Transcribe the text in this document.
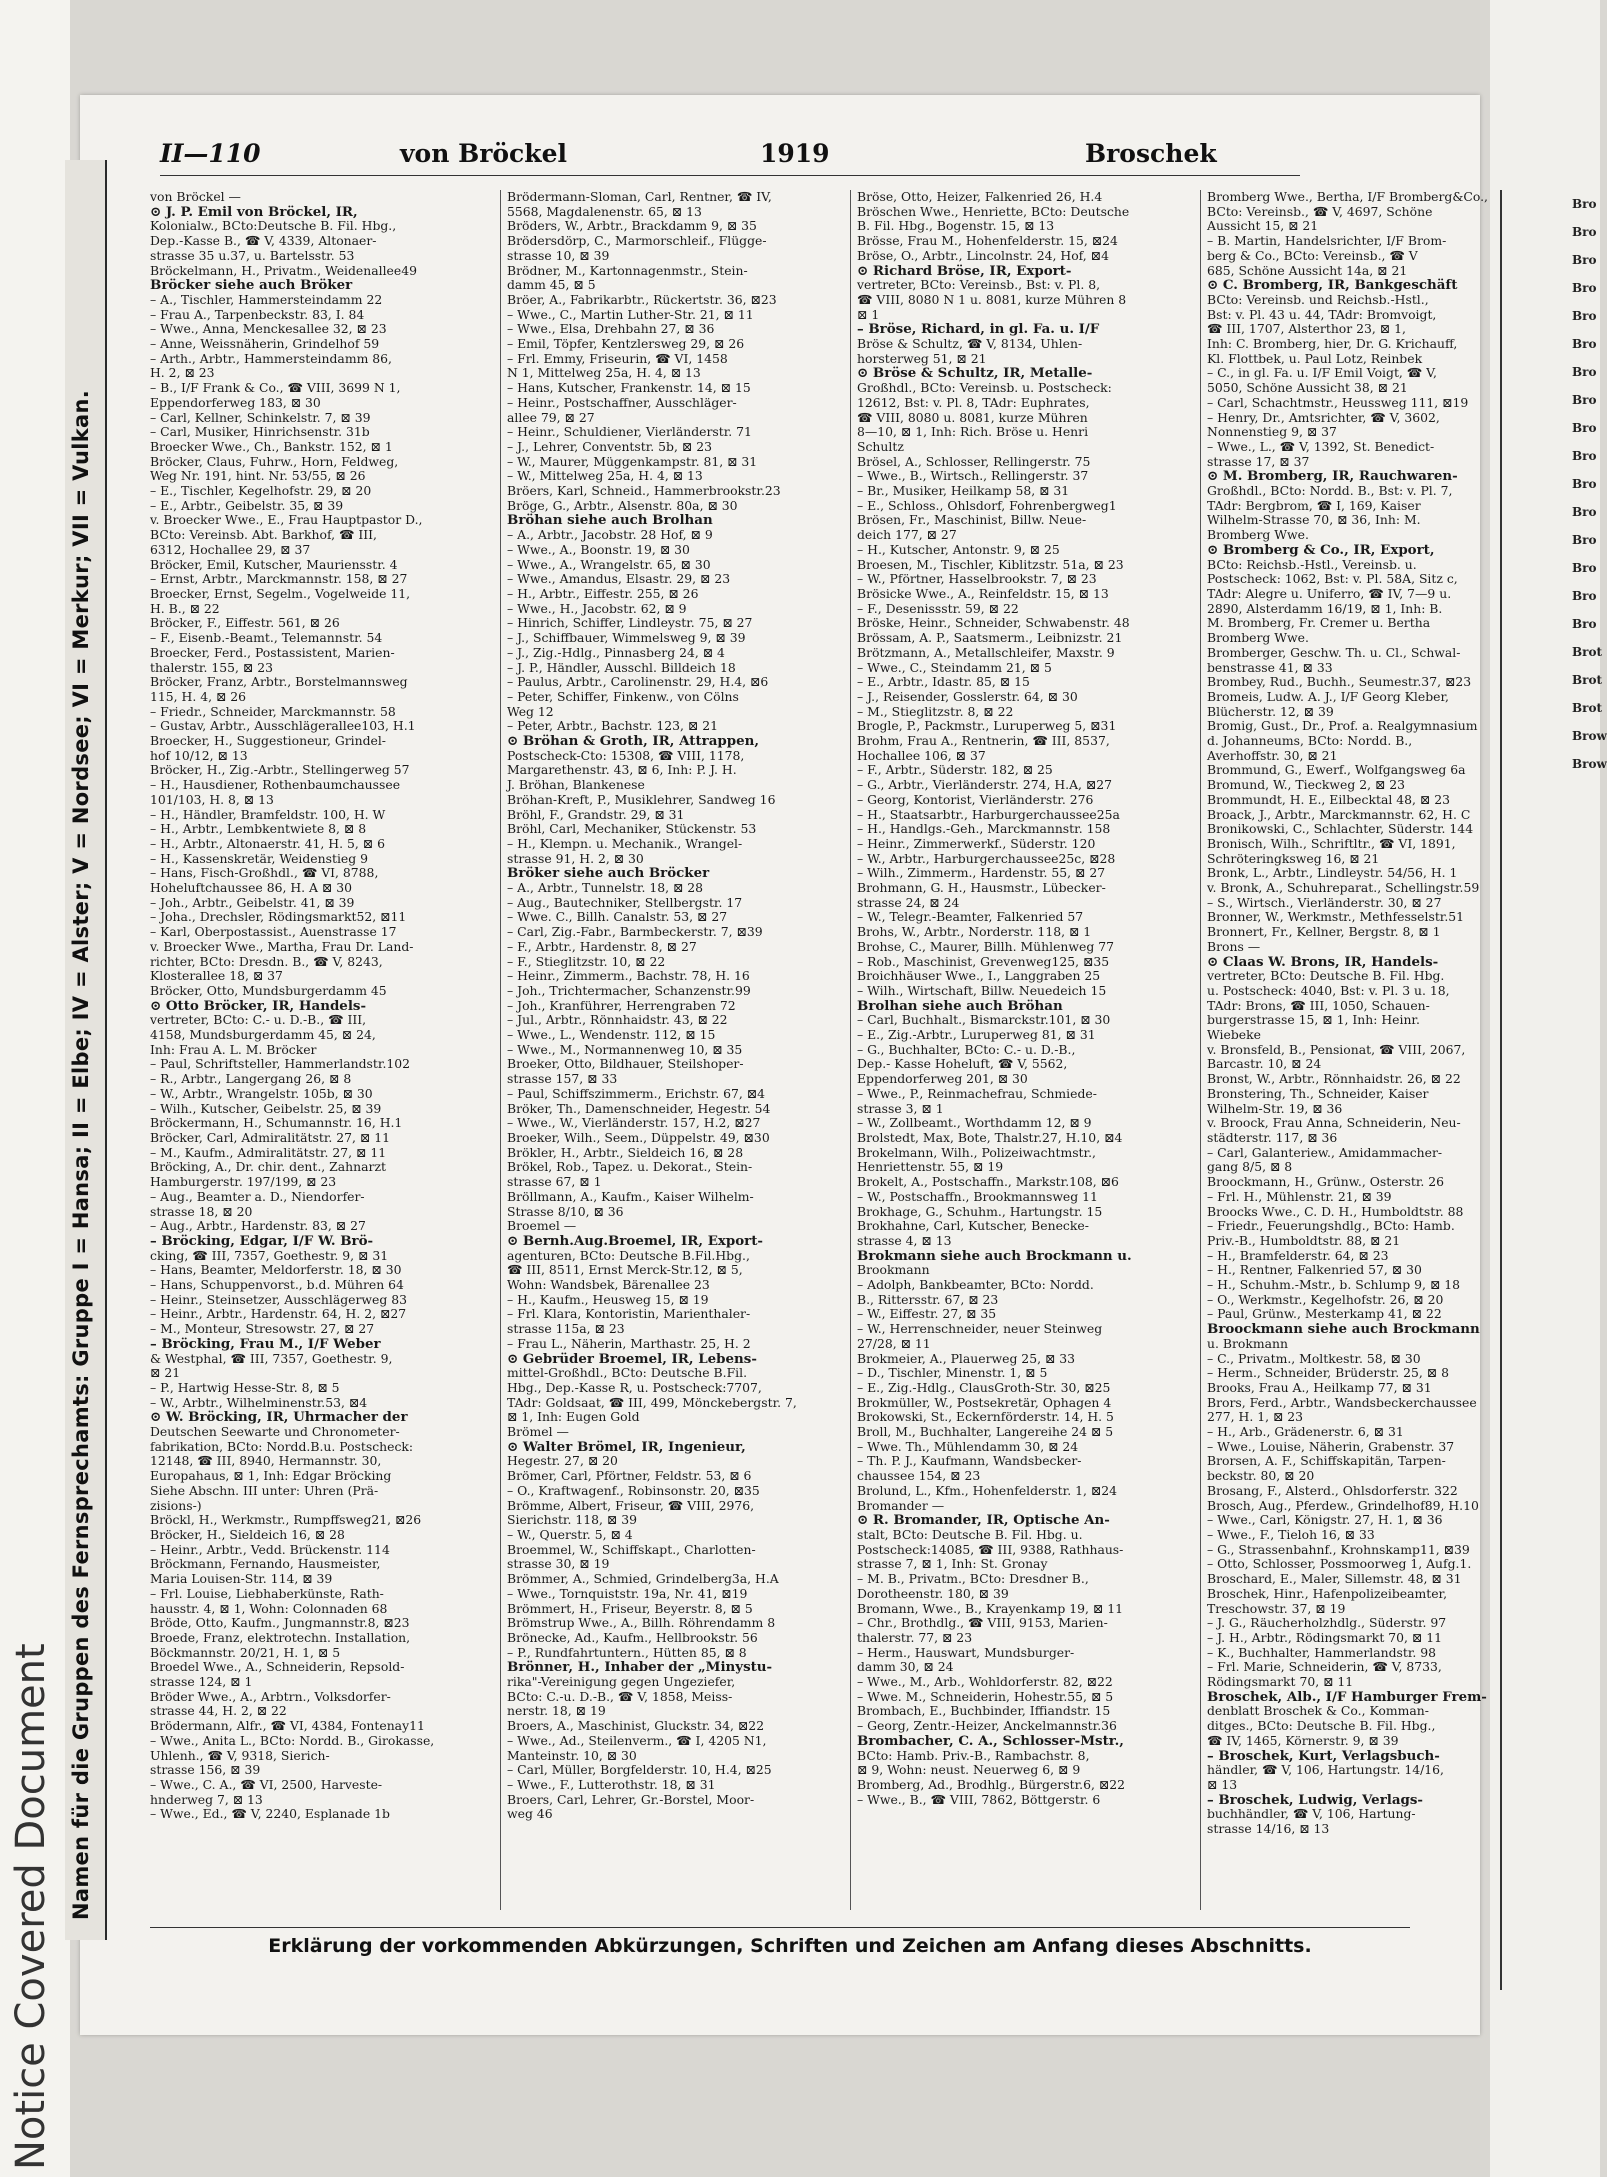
Notice Covered Document Namen für die Gruppen des Fernsprechamts: Gruppe I = Hansa; II = Elbe; IV = Alster; V = Nordsee; VI = Merkur; VII = Vulkan.
II—110	von Bröckel	1919	Broschek
von Bröckel —
⊙ J. P. Emil von Bröckel, IR,
Kolonialw., BCto:Deutsche B. Fil. Hbg.,
Dep.-Kasse B., ☎ V, 4339, Altonaer-
strasse 35 u.37, u. Bartelsstr. 53
Bröckelmann, H., Privatm., Weidenallee49
Bröcker siehe auch Bröker
– A., Tischler, Hammersteindamm 22
– Frau A., Tarpenbeckstr. 83, I. 84
– Wwe., Anna, Menckesallee 32, ⊠ 23
– Anne, Weissnäherin, Grindelhof 59
– Arth., Arbtr., Hammersteindamm 86,
H. 2, ⊠ 23
– B., I/F Frank & Co., ☎ VIII, 3699 N 1,
Eppendorferweg 183, ⊠ 30
– Carl, Kellner, Schinkelstr. 7, ⊠ 39
– Carl, Musiker, Hinrichsenstr. 31b
Broecker Wwe., Ch., Bankstr. 152, ⊠ 1
Bröcker, Claus, Fuhrw., Horn, Feldweg,
Weg Nr. 191, hint. Nr. 53/55, ⊠ 26
– E., Tischler, Kegelhofstr. 29, ⊠ 20
– E., Arbtr., Geibelstr. 35, ⊠ 39
v. Broecker Wwe., E., Frau Hauptpastor D.,
BCto: Vereinsb. Abt. Barkhof, ☎ III,
6312, Hochallee 29, ⊠ 37
Bröcker, Emil, Kutscher, Mauriensstr. 4
– Ernst, Arbtr., Marckmannstr. 158, ⊠ 27
Broecker, Ernst, Segelm., Vogelweide 11,
H. B., ⊠ 22
Bröcker, F., Eiffestr. 561, ⊠ 26
– F., Eisenb.-Beamt., Telemannstr. 54
Broecker, Ferd., Postassistent, Marien-
thalerstr. 155, ⊠ 23
Bröcker, Franz, Arbtr., Borstelmannsweg
115, H. 4, ⊠ 26
– Friedr., Schneider, Marckmannstr. 58
– Gustav, Arbtr., Ausschlägerallee103, H.1
Broecker, H., Suggestioneur, Grindel-
hof 10/12, ⊠ 13
Bröcker, H., Zig.-Arbtr., Stellingerweg 57
– H., Hausdiener, Rothenbaumchaussee
101/103, H. 8, ⊠ 13
– H., Händler, Bramfeldstr. 100, H. W
– H., Arbtr., Lembkentwiete 8, ⊠ 8
– H., Arbtr., Altonaerstr. 41, H. 5, ⊠ 6
– H., Kassenskretär, Weidenstieg 9
– Hans, Fisch-Großhdl., ☎ VI, 8788,
Hoheluftchaussee 86, H. A ⊠ 30
– Joh., Arbtr., Geibelstr. 41, ⊠ 39
– Joha., Drechsler, Rödingsmarkt52, ⊠11
– Karl, Oberpostassist., Auenstrasse 17
v. Broecker Wwe., Martha, Frau Dr. Land-
richter, BCto: Dresdn. B., ☎ V, 8243,
Klosterallee 18, ⊠ 37
Bröcker, Otto, Mundsburgerdamm 45
⊙ Otto Bröcker, IR, Handels-
vertreter, BCto: C.- u. D.-B., ☎ III,
4158, Mundsburgerdamm 45, ⊠ 24,
Inh: Frau A. L. M. Bröcker
– Paul, Schriftsteller, Hammerlandstr.102
– R., Arbtr., Langergang 26, ⊠ 8
– W., Arbtr., Wrangelstr. 105b, ⊠ 30
– Wilh., Kutscher, Geibelstr. 25, ⊠ 39
Bröckermann, H., Schumannstr. 16, H.1
Bröcker, Carl, Admiralitätstr. 27, ⊠ 11
– M., Kaufm., Admiralitätstr. 27, ⊠ 11
Bröcking, A., Dr. chir. dent., Zahnarzt
Hamburgerstr. 197/199, ⊠ 23
– Aug., Beamter a. D., Niendorfer-
strasse 18, ⊠ 20
– Aug., Arbtr., Hardenstr. 83, ⊠ 27
– Bröcking, Edgar, I/F W. Brö-
cking, ☎ III, 7357, Goethestr. 9, ⊠ 31
– Hans, Beamter, Meldorferstr. 18, ⊠ 30
– Hans, Schuppenvorst., b.d. Mühren 64
– Heinr., Steinsetzer, Ausschlägerweg 83
– Heinr., Arbtr., Hardenstr. 64, H. 2, ⊠27
– M., Monteur, Stresowstr. 27, ⊠ 27
– Bröcking, Frau M., I/F Weber
& Westphal, ☎ III, 7357, Goethestr. 9,
⊠ 21
– P., Hartwig Hesse-Str. 8, ⊠ 5
– W., Arbtr., Wilhelminenstr.53, ⊠4
⊙ W. Bröcking, IR, Uhrmacher der
Deutschen Seewarte und Chronometer-
fabrikation, BCto: Nordd.B.u. Postscheck:
12148, ☎ III, 8940, Hermannstr. 30,
Europahaus, ⊠ 1, Inh: Edgar Bröcking
Siehe Abschn. III unter: Uhren (Prä-
zisions-)
Bröckl, H., Werkmstr., Rumpffsweg21, ⊠26
Bröcker, H., Sieldeich 16, ⊠ 28
– Heinr., Arbtr., Vedd. Brückenstr. 114
Bröckmann, Fernando, Hausmeister,
Maria Louisen-Str. 114, ⊠ 39
– Frl. Louise, Liebhaberkünste, Rath-
hausstr. 4, ⊠ 1, Wohn: Colonnaden 68
Bröde, Otto, Kaufm., Jungmannstr.8, ⊠23
Broede, Franz, elektrotechn. Installation,
Böckmannstr. 20/21, H. 1, ⊠ 5
Broedel Wwe., A., Schneiderin, Repsold-
strasse 124, ⊠ 1
Bröder Wwe., A., Arbtrn., Volksdorfer-
strasse 44, H. 2, ⊠ 22
Brödermann, Alfr., ☎ VI, 4384, Fontenay11
– Wwe., Anita L., BCto: Nordd. B., Girokasse,
Uhlenh., ☎ V, 9318, Sierich-
strasse 156, ⊠ 39
– Wwe., C. A., ☎ VI, 2500, Harveste-
hnderweg 7, ⊠ 13
– Wwe., Ed., ☎ V, 2240, Esplanade 1b
Brödermann-Sloman, Carl, Rentner, ☎ IV,
5568, Magdalenenstr. 65, ⊠ 13
Bröders, W., Arbtr., Brackdamm 9, ⊠ 35
Brödersdörp, C., Marmorschleif., Flügge-
strasse 10, ⊠ 39
Brödner, M., Kartonnagenmstr., Stein-
damm 45, ⊠ 5
Bröer, A., Fabrikarbtr., Rückertstr. 36, ⊠23
– Wwe., C., Martin Luther-Str. 21, ⊠ 11
– Wwe., Elsa, Drehbahn 27, ⊠ 36
– Emil, Töpfer, Kentzlersweg 29, ⊠ 26
– Frl. Emmy, Friseurin, ☎ VI, 1458
N 1, Mittelweg 25a, H. 4, ⊠ 13
– Hans, Kutscher, Frankenstr. 14, ⊠ 15
– Heinr., Postschaffner, Ausschläger-
allee 79, ⊠ 27
– Heinr., Schuldiener, Vierländerstr. 71
– J., Lehrer, Conventstr. 5b, ⊠ 23
– W., Maurer, Müggenkampstr. 81, ⊠ 31
– W., Mittelweg 25a, H. 4, ⊠ 13
Bröers, Karl, Schneid., Hammerbrookstr.23
Bröge, G., Arbtr., Alsenstr. 80a, ⊠ 30
Bröhan siehe auch Brolhan
– A., Arbtr., Jacobstr. 28 Hof, ⊠ 9
– Wwe., A., Boonstr. 19, ⊠ 30
– Wwe., A., Wrangelstr. 65, ⊠ 30
– Wwe., Amandus, Elsastr. 29, ⊠ 23
– H., Arbtr., Eiffestr. 255, ⊠ 26
– Wwe., H., Jacobstr. 62, ⊠ 9
– Hinrich, Schiffer, Lindleystr. 75, ⊠ 27
– J., Schiffbauer, Wimmelsweg 9, ⊠ 39
– J., Zig.-Hdlg., Pinnasberg 24, ⊠ 4
– J. P., Händler, Ausschl. Billdeich 18
– Paulus, Arbtr., Carolinenstr. 29, H.4, ⊠6
– Peter, Schiffer, Finkenw., von Cölns
Weg 12
– Peter, Arbtr., Bachstr. 123, ⊠ 21
⊙ Bröhan & Groth, IR, Attrappen,
Postscheck-Cto: 15308, ☎ VIII, 1178,
Margarethenstr. 43, ⊠ 6, Inh: P. J. H.
J. Bröhan, Blankenese
Bröhan-Kreft, P., Musiklehrer, Sandweg 16
Bröhl, F., Grandstr. 29, ⊠ 31
Bröhl, Carl, Mechaniker, Stückenstr. 53
– H., Klempn. u. Mechanik., Wrangel-
strasse 91, H. 2, ⊠ 30
Bröker siehe auch Bröcker
– A., Arbtr., Tunnelstr. 18, ⊠ 28
– Aug., Bautechniker, Stellbergstr. 17
– Wwe. C., Billh. Canalstr. 53, ⊠ 27
– Carl, Zig.-Fabr., Barmbeckerstr. 7, ⊠39
– F., Arbtr., Hardenstr. 8, ⊠ 27
– F., Stieglitzstr. 10, ⊠ 22
– Heinr., Zimmerm., Bachstr. 78, H. 16
– Joh., Trichtermacher, Schanzenstr.99
– Joh., Kranführer, Herrengraben 72
– Jul., Arbtr., Rönnhaidstr. 43, ⊠ 22
– Wwe., L., Wendenstr. 112, ⊠ 15
– Wwe., M., Normannenweg 10, ⊠ 35
Broeker, Otto, Bildhauer, Steilshoper-
strasse 157, ⊠ 33
– Paul, Schiffszimmerm., Erichstr. 67, ⊠4
Bröker, Th., Damenschneider, Hegestr. 54
– Wwe., W., Vierländerstr. 157, H.2, ⊠27
Broeker, Wilh., Seem., Düppelstr. 49, ⊠30
Brökler, H., Arbtr., Sieldeich 16, ⊠ 28
Brökel, Rob., Tapez. u. Dekorat., Stein-
strasse 67, ⊠ 1
Bröllmann, A., Kaufm., Kaiser Wilhelm-
Strasse 8/10, ⊠ 36
Broemel —
⊙ Bernh.Aug.Broemel, IR, Export-
agenturen, BCto: Deutsche B.Fil.Hbg.,
☎ III, 8511, Ernst Merck-Str.12, ⊠ 5,
Wohn: Wandsbek, Bärenallee 23
– H., Kaufm., Heusweg 15, ⊠ 19
– Frl. Klara, Kontoristin, Marienthaler-
strasse 115a, ⊠ 23
– Frau L., Näherin, Marthastr. 25, H. 2
⊙ Gebrüder Broemel, IR, Lebens-
mittel-Großhdl., BCto: Deutsche B.Fil.
Hbg., Dep.-Kasse R, u. Postscheck:7707,
TAdr: Goldsaat, ☎ III, 499, Mönckebergstr. 7,
⊠ 1, Inh: Eugen Gold
Brömel —
⊙ Walter Brömel, IR, Ingenieur,
Hegestr. 27, ⊠ 20
Brömer, Carl, Pförtner, Feldstr. 53, ⊠ 6
– O., Kraftwagenf., Robinsonstr. 20, ⊠35
Brömme, Albert, Friseur, ☎ VIII, 2976,
Sierichstr. 118, ⊠ 39
– W., Querstr. 5, ⊠ 4
Broemmel, W., Schiffskapt., Charlotten-
strasse 30, ⊠ 19
Brömmer, A., Schmied, Grindelberg3a, H.A
– Wwe., Tornquiststr. 19a, Nr. 41, ⊠19
Brömmert, H., Friseur, Beyerstr. 8, ⊠ 5
Brömstrup Wwe., A., Billh. Röhrendamm 8
Brönecke, Ad., Kaufm., Hellbrookstr. 56
– P., Rundfahrtuntern., Hütten 85, ⊠ 8
Brönner, H., Inhaber der „Minystu-
rika"-Vereinigung gegen Ungeziefer,
BCto: C.-u. D.-B., ☎ V, 1858, Meiss-
nerstr. 18, ⊠ 19
Broers, A., Maschinist, Gluckstr. 34, ⊠22
– Wwe., Ad., Steilenverm., ☎ I, 4205 N1,
Manteinstr. 10, ⊠ 30
– Carl, Müller, Borgfelderstr. 10, H.4, ⊠25
– Wwe., F., Lutterothstr. 18, ⊠ 31
Broers, Carl, Lehrer, Gr.-Borstel, Moor-
weg 46
Bröse, Otto, Heizer, Falkenried 26, H.4
Bröschen Wwe., Henriette, BCto: Deutsche
B. Fil. Hbg., Bogenstr. 15, ⊠ 13
Brösse, Frau M., Hohenfelderstr. 15, ⊠24
Bröse, O., Arbtr., Lincolnstr. 24, Hof, ⊠4
⊙ Richard Bröse, IR, Export-
vertreter, BCto: Vereinsb., Bst: v. Pl. 8,
☎ VIII, 8080 N 1 u. 8081, kurze Mühren 8
⊠ 1
– Bröse, Richard, in gl. Fa. u. I/F
Bröse & Schultz, ☎ V, 8134, Uhlen-
horsterweg 51, ⊠ 21
⊙ Bröse & Schultz, IR, Metalle-
Großhdl., BCto: Vereinsb. u. Postscheck:
12612, Bst: v. Pl. 8, TAdr: Euphrates,
☎ VIII, 8080 u. 8081, kurze Mühren
8—10, ⊠ 1, Inh: Rich. Bröse u. Henri
Schultz
Brösel, A., Schlosser, Rellingerstr. 75
– Wwe., B., Wirtsch., Rellingerstr. 37
– Br., Musiker, Heilkamp 58, ⊠ 31
– E., Schloss., Ohlsdorf, Fohrenbergweg1
Brösen, Fr., Maschinist, Billw. Neue-
deich 177, ⊠ 27
– H., Kutscher, Antonstr. 9, ⊠ 25
Broesen, M., Tischler, Kiblitzstr. 51a, ⊠ 23
– W., Pförtner, Hasselbrookstr. 7, ⊠ 23
Brösicke Wwe., A., Reinfeldstr. 15, ⊠ 13
– F., Desenissstr. 59, ⊠ 22
Bröske, Heinr., Schneider, Schwabenstr. 48
Brössam, A. P., Saatsmerm., Leibnizstr. 21
Brötzmann, A., Metallschleifer, Maxstr. 9
– Wwe., C., Steindamm 21, ⊠ 5
– E., Arbtr., Idastr. 85, ⊠ 15
– J., Reisender, Gosslerstr. 64, ⊠ 30
– M., Stieglitzstr. 8, ⊠ 22
Brogle, P., Packmstr., Luruperweg 5, ⊠31
Brohm, Frau A., Rentnerin, ☎ III, 8537,
Hochallee 106, ⊠ 37
– F., Arbtr., Süderstr. 182, ⊠ 25
– G., Arbtr., Vierländerstr. 274, H.A, ⊠27
– Georg, Kontorist, Vierländerstr. 276
– H., Staatsarbtr., Harburgerchaussee25a
– H., Handlgs.-Geh., Marckmannstr. 158
– Heinr., Zimmerwerkf., Süderstr. 120
– W., Arbtr., Harburgerchaussee25c, ⊠28
– Wilh., Zimmerm., Hardenstr. 55, ⊠ 27
Brohmann, G. H., Hausmstr., Lübecker-
strasse 24, ⊠ 24
– W., Telegr.-Beamter, Falkenried 57
Brohs, W., Arbtr., Norderstr. 118, ⊠ 1
Brohse, C., Maurer, Billh. Mühlenweg 77
– Rob., Maschinist, Grevenweg125, ⊠35
Broichhäuser Wwe., I., Langgraben 25
– Wilh., Wirtschaft, Billw. Neuedeich 15
Brolhan siehe auch Bröhan
– Carl, Buchhalt., Bismarckstr.101, ⊠ 30
– E., Zig.-Arbtr., Luruperweg 81, ⊠ 31
– G., Buchhalter, BCto: C.- u. D.-B.,
Dep.- Kasse Hoheluft, ☎ V, 5562,
Eppendorferweg 201, ⊠ 30
– Wwe., P., Reinmachefrau, Schmiede-
strasse 3, ⊠ 1
– W., Zollbeamt., Worthdamm 12, ⊠ 9
Brolstedt, Max, Bote, Thalstr.27, H.10, ⊠4
Brokelmann, Wilh., Polizeiwachtmstr.,
Henriettenstr. 55, ⊠ 19
Brokelt, A., Postschaffn., Markstr.108, ⊠6
– W., Postschaffn., Brookmannsweg 11
Brokhage, G., Schuhm., Hartungstr. 15
Brokhahne, Carl, Kutscher, Benecke-
strasse 4, ⊠ 13
Brokmann siehe auch Brockmann u.
Brookmann
– Adolph, Bankbeamter, BCto: Nordd.
B., Rittersstr. 67, ⊠ 23
– W., Eiffestr. 27, ⊠ 35
– W., Herrenschneider, neuer Steinweg
27/28, ⊠ 11
Brokmeier, A., Plauerweg 25, ⊠ 33
– D., Tischler, Minenstr. 1, ⊠ 5
– E., Zig.-Hdlg., ClausGroth-Str. 30, ⊠25
Brokmüller, W., Postsekretär, Ophagen 4
Brokowski, St., Eckernförderstr. 14, H. 5
Broll, M., Buchhalter, Langereihe 24 ⊠ 5
– Wwe. Th., Mühlendamm 30, ⊠ 24
– Th. P. J., Kaufmann, Wandsbecker-
chaussee 154, ⊠ 23
Brolund, L., Kfm., Hohenfelderstr. 1, ⊠24
Bromander —
⊙ R. Bromander, IR, Optische An-
stalt, BCto: Deutsche B. Fil. Hbg. u.
Postscheck:14085, ☎ III, 9388, Rathhaus-
strasse 7, ⊠ 1, Inh: St. Gronay
– M. B., Privatm., BCto: Dresdner B.,
Dorotheenstr. 180, ⊠ 39
Bromann, Wwe., B., Krayenkamp 19, ⊠ 11
– Chr., Brothdlg., ☎ VIII, 9153, Marien-
thalerstr. 77, ⊠ 23
– Herm., Hauswart, Mundsburger-
damm 30, ⊠ 24
– Wwe., M., Arb., Wohldorferstr. 82, ⊠22
– Wwe. M., Schneiderin, Hohestr.55, ⊠ 5
Brombach, E., Buchbinder, Iffiandstr. 15
– Georg, Zentr.-Heizer, Anckelmannstr.36
Brombacher, C. A., Schlosser-Mstr.,
BCto: Hamb. Priv.-B., Rambachstr. 8,
⊠ 9, Wohn: neust. Neuerweg 6, ⊠ 9
Bromberg, Ad., Brodhlg., Bürgerstr.6, ⊠22
– Wwe., B., ☎ VIII, 7862, Böttgerstr. 6
Bromberg Wwe., Bertha, I/F Bromberg&Co.,
BCto: Vereinsb., ☎ V, 4697, Schöne
Aussicht 15, ⊠ 21
– B. Martin, Handelsrichter, I/F Brom-
berg & Co., BCto: Vereinsb., ☎ V
685, Schöne Aussicht 14a, ⊠ 21
⊙ C. Bromberg, IR, Bankgeschäft
BCto: Vereinsb. und Reichsb.-Hstl.,
Bst: v. Pl. 43 u. 44, TAdr: Bromvoigt,
☎ III, 1707, Alsterthor 23, ⊠ 1,
Inh: C. Bromberg, hier, Dr. G. Krichauff,
Kl. Flottbek, u. Paul Lotz, Reinbek
– C., in gl. Fa. u. I/F Emil Voigt, ☎ V,
5050, Schöne Aussicht 38, ⊠ 21
– Carl, Schachtmstr., Heussweg 111, ⊠19
– Henry, Dr., Amtsrichter, ☎ V, 3602,
Nonnenstieg 9, ⊠ 37
– Wwe., L., ☎ V, 1392, St. Benedict-
strasse 17, ⊠ 37
⊙ M. Bromberg, IR, Rauchwaren-
Großhdl., BCto: Nordd. B., Bst: v. Pl. 7,
TAdr: Bergbrom, ☎ I, 169, Kaiser
Wilhelm-Strasse 70, ⊠ 36, Inh: M.
Bromberg Wwe.
⊙ Bromberg & Co., IR, Export,
BCto: Reichsb.-Hstl., Vereinsb. u.
Postscheck: 1062, Bst: v. Pl. 58A, Sitz c,
TAdr: Alegre u. Uniferro, ☎ IV, 7—9 u.
2890, Alsterdamm 16/19, ⊠ 1, Inh: B.
M. Bromberg, Fr. Cremer u. Bertha
Bromberg Wwe.
Bromberger, Geschw. Th. u. Cl., Schwal-
benstrasse 41, ⊠ 33
Brombey, Rud., Buchh., Seumestr.37, ⊠23
Bromeis, Ludw. A. J., I/F Georg Kleber,
Blücherstr. 12, ⊠ 39
Bromig, Gust., Dr., Prof. a. Realgymnasium
d. Johanneums, BCto: Nordd. B.,
Averhoffstr. 30, ⊠ 21
Brommund, G., Ewerf., Wolfgangsweg 6a
Bromund, W., Tieckweg 2, ⊠ 23
Brommundt, H. E., Eilbecktal 48, ⊠ 23
Broack, J., Arbtr., Marckmannstr. 62, H. C
Bronikowski, C., Schlachter, Süderstr. 144
Bronisch, Wilh., Schriftltr., ☎ VI, 1891,
Schröteringksweg 16, ⊠ 21
Bronk, L., Arbtr., Lindleystr. 54/56, H. 1
v. Bronk, A., Schuhreparat., Schellingstr.59
– S., Wirtsch., Vierländerstr. 30, ⊠ 27
Bronner, W., Werkmstr., Methfesselstr.51
Bronnert, Fr., Kellner, Bergstr. 8, ⊠ 1
Brons —
⊙ Claas W. Brons, IR, Handels-
vertreter, BCto: Deutsche B. Fil. Hbg.
u. Postscheck: 4040, Bst: v. Pl. 3 u. 18,
TAdr: Brons, ☎ III, 1050, Schauen-
burgerstrasse 15, ⊠ 1, Inh: Heinr.
Wiebeke
v. Bronsfeld, B., Pensionat, ☎ VIII, 2067,
Barcastr. 10, ⊠ 24
Bronst, W., Arbtr., Rönnhaidstr. 26, ⊠ 22
Bronstering, Th., Schneider, Kaiser
Wilhelm-Str. 19, ⊠ 36
v. Broock, Frau Anna, Schneiderin, Neu-
städterstr. 117, ⊠ 36
– Carl, Galanteriew., Amidammacher-
gang 8/5, ⊠ 8
Broockmann, H., Grünw., Osterstr. 26
– Frl. H., Mühlenstr. 21, ⊠ 39
Broocks Wwe., C. D. H., Humboldtstr. 88
– Friedr., Feuerungshdlg., BCto: Hamb.
Priv.-B., Humboldtstr. 88, ⊠ 21
– H., Bramfelderstr. 64, ⊠ 23
– H., Rentner, Falkenried 57, ⊠ 30
– H., Schuhm.-Mstr., b. Schlump 9, ⊠ 18
– O., Werkmstr., Kegelhofstr. 26, ⊠ 20
– Paul, Grünw., Mesterkamp 41, ⊠ 22
Broockmann siehe auch Brockmann
u. Brokmann
– C., Privatm., Moltkestr. 58, ⊠ 30
– Herm., Schneider, Brüderstr. 25, ⊠ 8
Brooks, Frau A., Heilkamp 77, ⊠ 31
Brors, Ferd., Arbtr., Wandsbeckerchaussee
277, H. 1, ⊠ 23
– H., Arb., Grädenerstr. 6, ⊠ 31
– Wwe., Louise, Näherin, Grabenstr. 37
Brorsen, A. F., Schiffskapitän, Tarpen-
beckstr. 80, ⊠ 20
Brosang, F., Alsterd., Ohlsdorferstr. 322
Brosch, Aug., Pferdew., Grindelhof89, H.10
– Wwe., Carl, Königstr. 27, H. 1, ⊠ 36
– Wwe., F., Tieloh 16, ⊠ 33
– G., Strassenbahnf., Krohnskamp11, ⊠39
– Otto, Schlosser, Possmoorweg 1, Aufg.1.
Broschard, E., Maler, Sillemstr. 48, ⊠ 31
Broschek, Hinr., Hafenpolizeibeamter,
Treschowstr. 37, ⊠ 19
– J. G., Räucherholzhdlg., Süderstr. 97
– J. H., Arbtr., Rödingsmarkt 70, ⊠ 11
– K., Buchhalter, Hammerlandstr. 98
– Frl. Marie, Schneiderin, ☎ V, 8733,
Rödingsmarkt 70, ⊠ 11
Broschek, Alb., I/F Hamburger Frem-
denblatt Broschek & Co., Komman-
ditges., BCto: Deutsche B. Fil. Hbg.,
☎ IV, 1465, Körnerstr. 9, ⊠ 39
– Broschek, Kurt, Verlagsbuch-
händler, ☎ V, 106, Hartungstr. 14/16,
⊠ 13
– Broschek, Ludwig, Verlags-
buchhändler, ☎ V, 106, Hartung-
strasse 14/16, ⊠ 13
Erklärung der vorkommenden Abkürzungen, Schriften und Zeichen am Anfang dieses Abschnitts.
Bro
Bro
Bro
Bro
Bro
Bro
Bro
Bro
Bro
Bro
Bro
Bro
Bro
Bro
Bro
Bro
Brot
Brot
Brot
Brow
Brow
